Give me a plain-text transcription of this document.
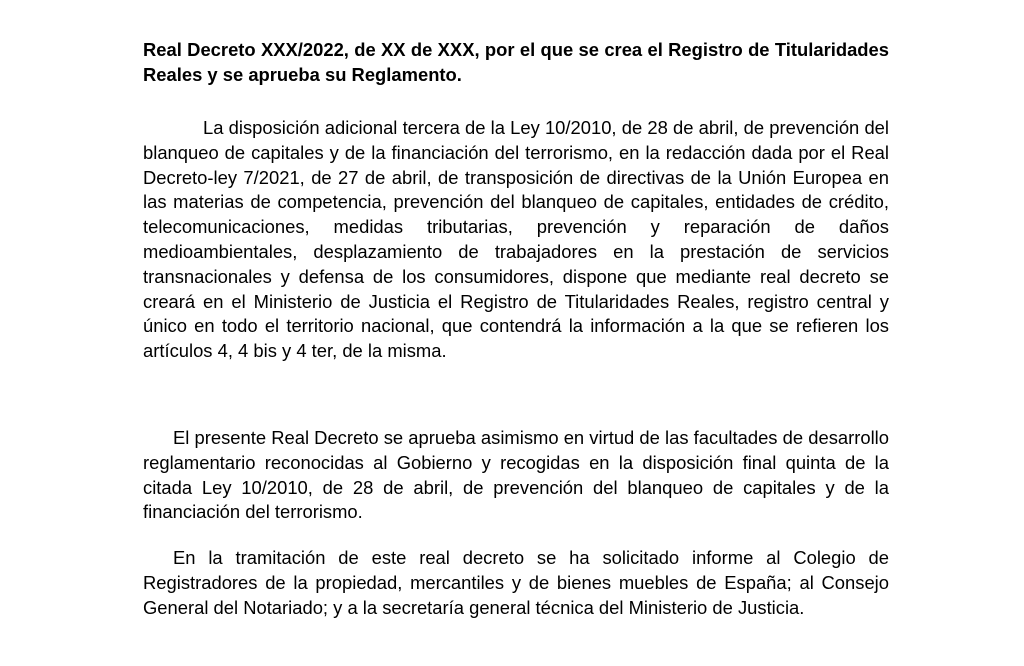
Real Decreto XXX/2022, de XX de XXX, por el que se crea el Registro de Titularidades Reales y se aprueba su Reglamento.

La disposición adicional tercera de la Ley 10/2010, de 28 de abril, de prevención del blanqueo de capitales y de la financiación del terrorismo, en la redacción dada por el Real Decreto-ley 7/2021, de 27 de abril, de transposición de directivas de la Unión Europea en las materias de competencia, prevención del blanqueo de capitales, entidades de crédito, telecomunicaciones, medidas tributarias, prevención y reparación de daños medioambientales, desplazamiento de trabajadores en la prestación de servicios transnacionales y defensa de los consumidores, dispone que mediante real decreto se creará en el Ministerio de Justicia el Registro de Titularidades Reales, registro central y único en todo el territorio nacional, que contendrá la información a la que se refieren los artículos 4, 4 bis y 4 ter, de la misma.

El presente Real Decreto se aprueba asimismo en virtud de las facultades de desarrollo reglamentario reconocidas al Gobierno y recogidas en la disposición final quinta de la citada Ley 10/2010, de 28 de abril, de prevención del blanqueo de capitales y de la financiación del terrorismo.

En la tramitación de este real decreto se ha solicitado informe al Colegio de Registradores de la propiedad, mercantiles y de bienes muebles de España; al Consejo General del Notariado; y a la secretaría general técnica del Ministerio de Justicia.
